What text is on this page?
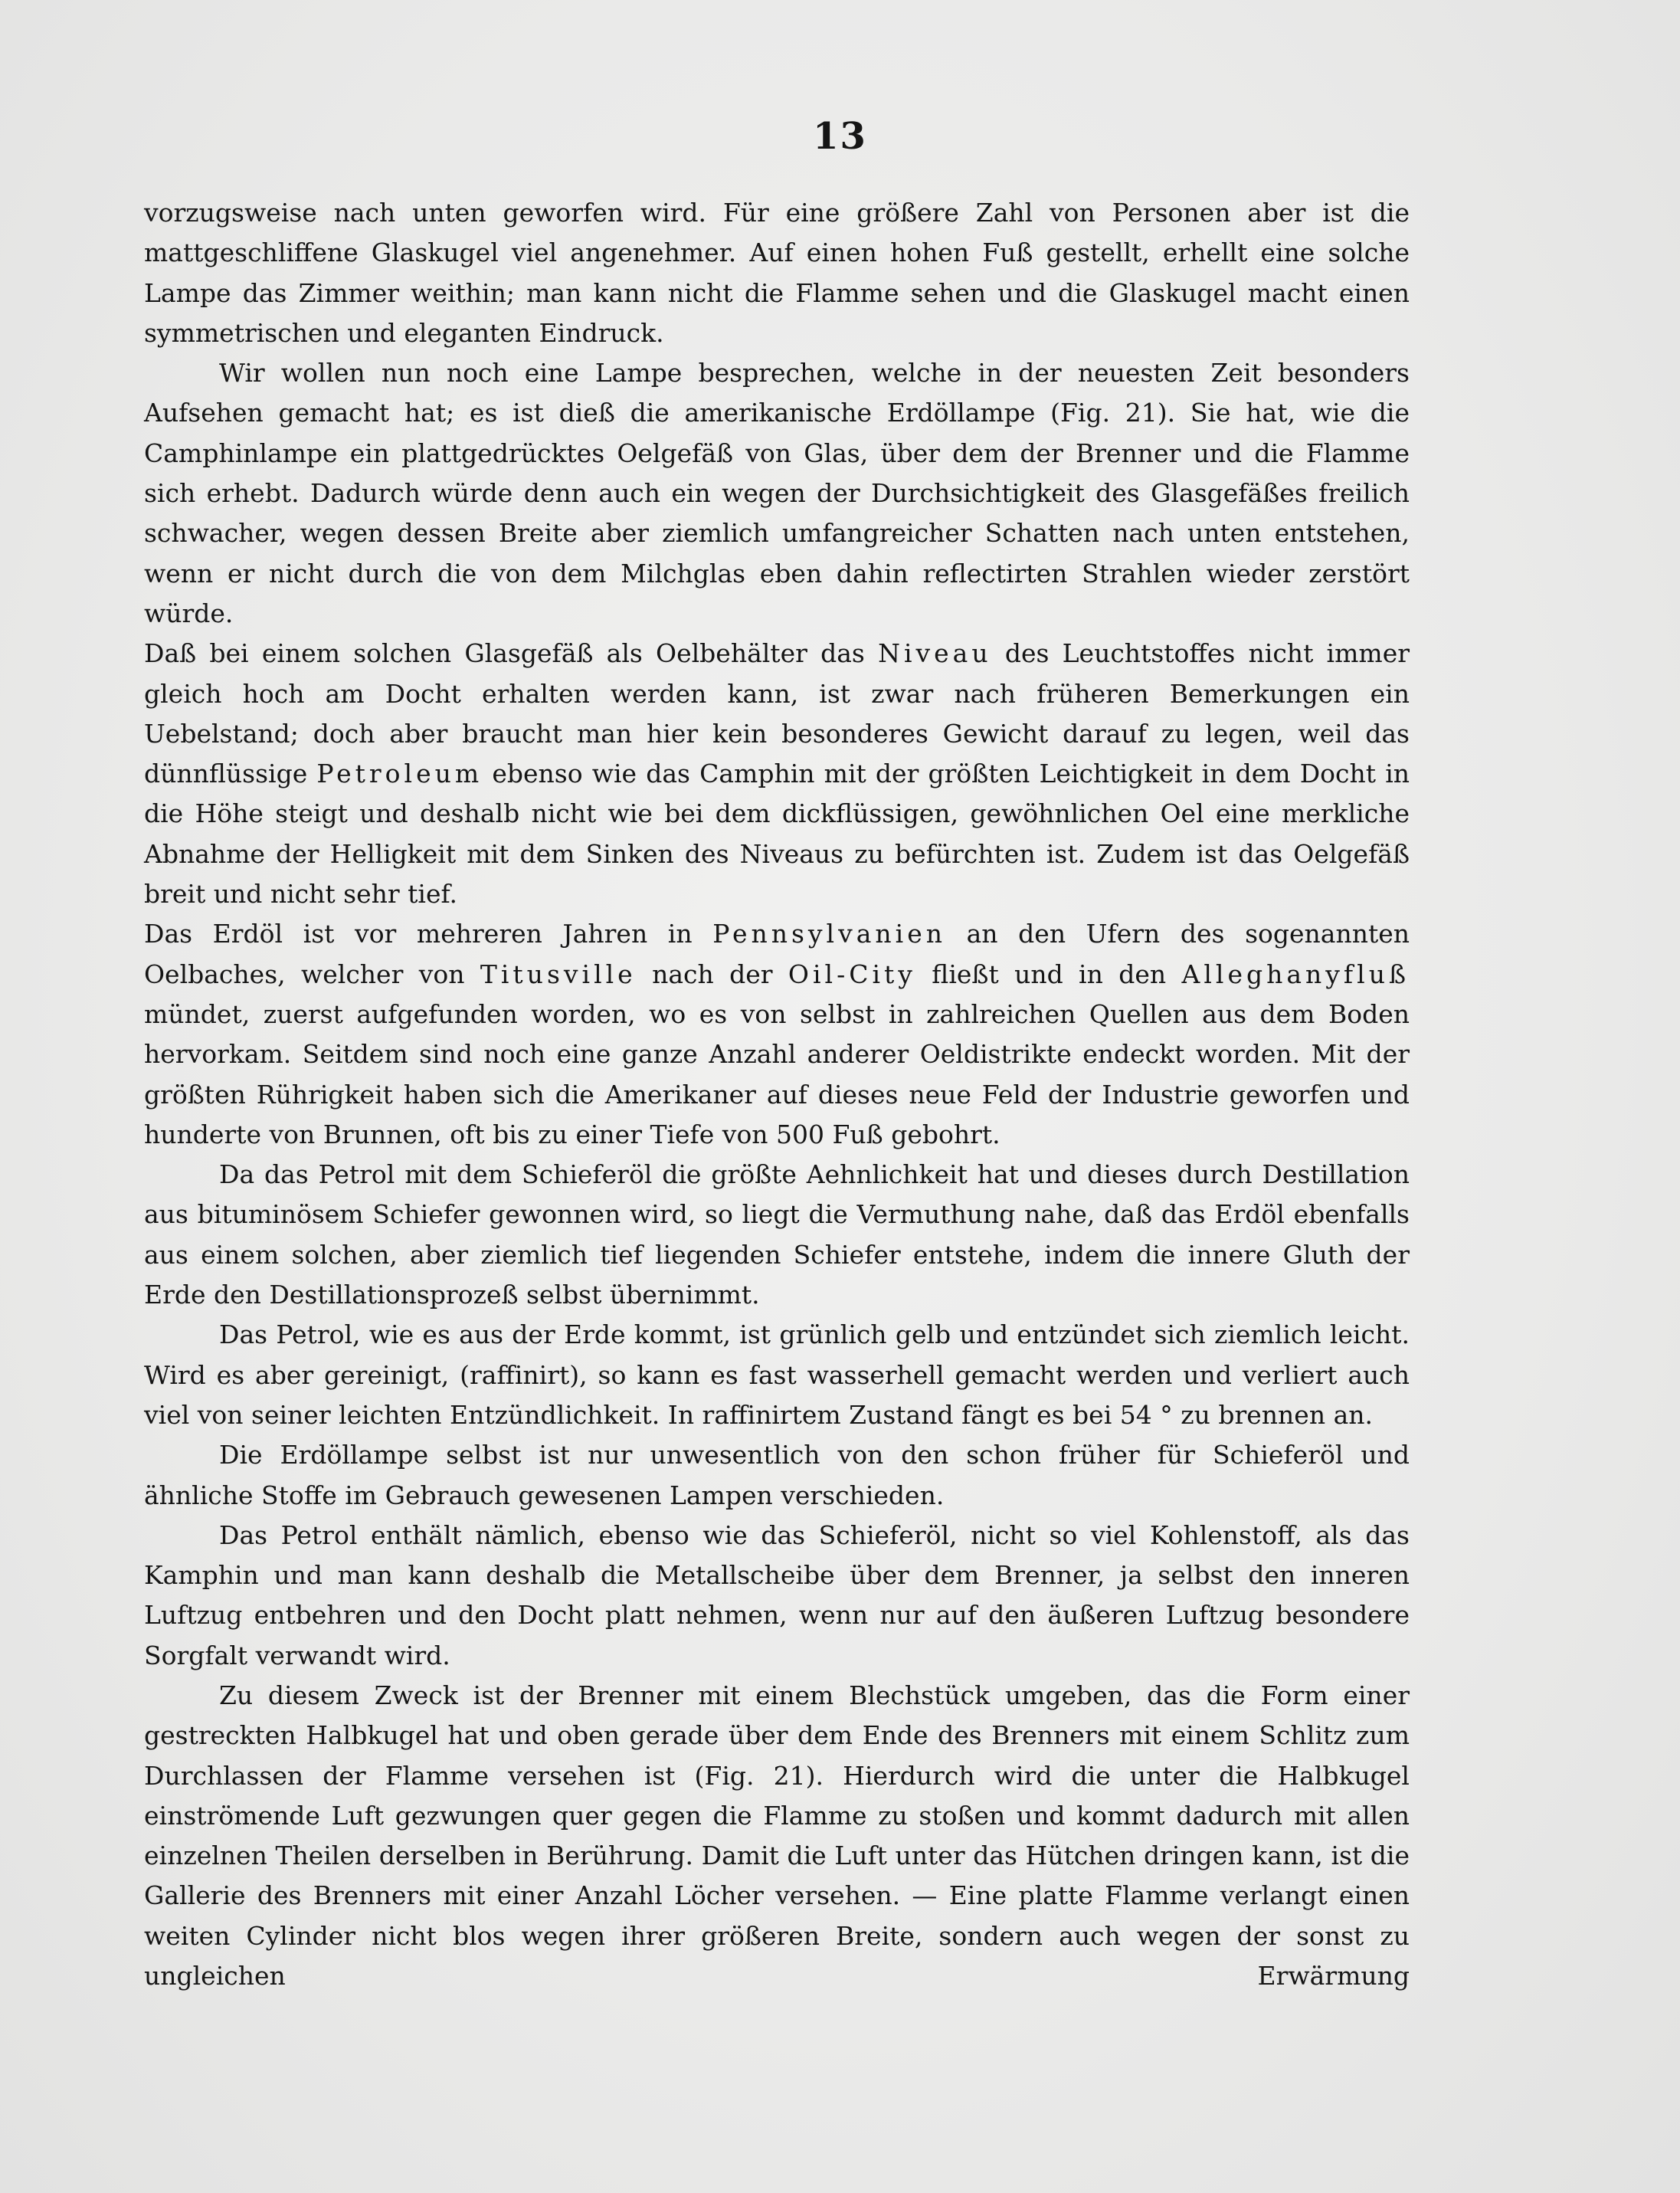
13

vorzugsweise nach unten geworfen wird. Für eine größere Zahl von Personen aber ist die mattgeschliffene Glaskugel viel angenehmer. Auf einen hohen Fuß gestellt, erhellt eine solche Lampe das Zimmer weithin; man kann nicht die Flamme sehen und die Glaskugel macht einen symmetrischen und eleganten Eindruck.

Wir wollen nun noch eine Lampe besprechen, welche in der neuesten Zeit besonders Aufsehen gemacht hat; es ist dieß die amerikanische Erdöllampe (Fig. 21). Sie hat, wie die Camphinlampe ein plattgedrücktes Oelgefäß von Glas, über dem der Brenner und die Flamme sich erhebt. Dadurch würde denn auch ein wegen der Durchsichtigkeit des Glasgefäßes freilich schwacher, wegen dessen Breite aber ziemlich umfangreicher Schatten nach unten entstehen, wenn er nicht durch die von dem Milchglas eben dahin reflectirten Strahlen wieder zerstört würde.

Daß bei einem solchen Glasgefäß als Oelbehälter das Niveau des Leuchtstoffes nicht immer gleich hoch am Docht erhalten werden kann, ist zwar nach früheren Bemerkungen ein Uebelstand; doch aber braucht man hier kein besonderes Gewicht darauf zu legen, weil das dünnflüssige Petroleum ebenso wie das Camphin mit der größten Leichtigkeit in dem Docht in die Höhe steigt und deshalb nicht wie bei dem dickflüssigen, gewöhnlichen Oel eine merkliche Abnahme der Helligkeit mit dem Sinken des Niveaus zu befürchten ist. Zudem ist das Oelgefäß breit und nicht sehr tief.

Das Erdöl ist vor mehreren Jahren in Pennsylvanien an den Ufern des sogenannten Oelbaches, welcher von Titusville nach der Oil-City fließt und in den Alleghanyfluß mündet, zuerst aufgefunden worden, wo es von selbst in zahlreichen Quellen aus dem Boden hervorkam. Seitdem sind noch eine ganze Anzahl anderer Oeldistrikte endeckt worden. Mit der größten Rührigkeit haben sich die Amerikaner auf dieses neue Feld der Industrie geworfen und hunderte von Brunnen, oft bis zu einer Tiefe von 500 Fuß gebohrt.

Da das Petrol mit dem Schieferöl die größte Aehnlichkeit hat und dieses durch Destillation aus bituminösem Schiefer gewonnen wird, so liegt die Vermuthung nahe, daß das Erdöl ebenfalls aus einem solchen, aber ziemlich tief liegenden Schiefer entstehe, indem die innere Gluth der Erde den Destillationsprozeß selbst übernimmt.

Das Petrol, wie es aus der Erde kommt, ist grünlich gelb und entzündet sich ziemlich leicht. Wird es aber gereinigt, (raffinirt), so kann es fast wasserhell gemacht werden und verliert auch viel von seiner leichten Entzündlichkeit. In raffinirtem Zustand fängt es bei 54 ° zu brennen an.

Die Erdöllampe selbst ist nur unwesentlich von den schon früher für Schieferöl und ähnliche Stoffe im Gebrauch gewesenen Lampen verschieden.

Das Petrol enthält nämlich, ebenso wie das Schieferöl, nicht so viel Kohlenstoff, als das Kamphin und man kann deshalb die Metallscheibe über dem Brenner, ja selbst den inneren Luftzug entbehren und den Docht platt nehmen, wenn nur auf den äußeren Luftzug besondere Sorgfalt verwandt wird.

Zu diesem Zweck ist der Brenner mit einem Blechstück umgeben, das die Form einer gestreckten Halbkugel hat und oben gerade über dem Ende des Brenners mit einem Schlitz zum Durchlassen der Flamme versehen ist (Fig. 21). Hierdurch wird die unter die Halbkugel einströmende Luft gezwungen quer gegen die Flamme zu stoßen und kommt dadurch mit allen einzelnen Theilen derselben in Berührung. Damit die Luft unter das Hütchen dringen kann, ist die Gallerie des Brenners mit einer Anzahl Löcher versehen. — Eine platte Flamme verlangt einen weiten Cylinder nicht blos wegen ihrer größeren Breite, sondern auch wegen der sonst zu ungleichen Erwärmung
